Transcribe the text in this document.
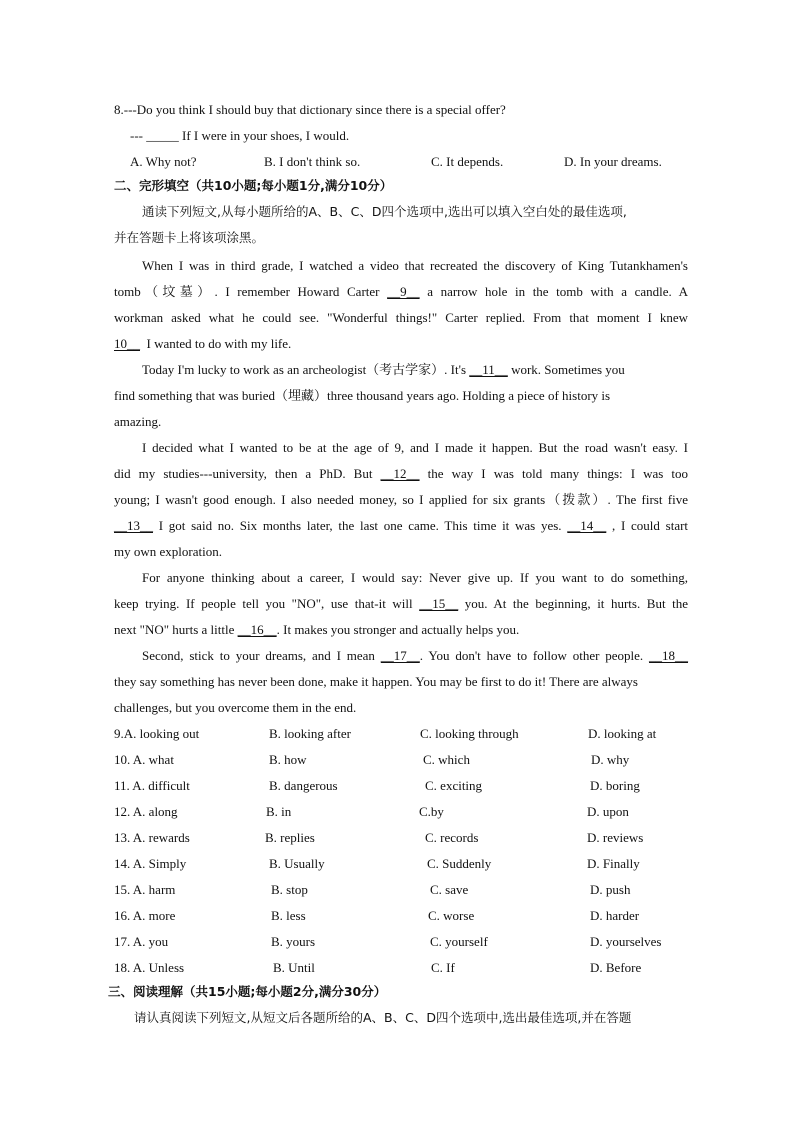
8.---Do you think I should buy that dictionary since there is a special offer?
--- _____ If I were in your shoes, I would.
A. Why not?	B. I don't think so.	C. It depends.	D. In your dreams.
二、完形填空（共10小题;每小题1分,满分10分）
通读下列短文,从每小题所给的A、B、C、D四个选项中,选出可以填入空白处的最佳选项,
并在答题卡上将该项涂黑。
When I was in third grade, I watched a video that recreated the discovery of King Tutankhamen's
tomb（坟墓）. I remember Howard Carter __9__ a narrow hole in the tomb with a candle. A
workman asked what he could see. "Wonderful things!" Carter replied. From that moment I knew
10__ I wanted to do with my life.
Today I'm lucky to work as an archeologist（考古学家）. It's __11__ work. Sometimes you
find something that was buried（埋藏）three thousand years ago. Holding a piece of history is
amazing.
I decided what I wanted to be at the age of 9, and I made it happen. But the road wasn't easy. I
did my studies---university, then a PhD. But __12__ the way I was told many things: I was too
young; I wasn't good enough. I also needed money, so I applied for six grants（拨款）. The first five
__13__ I got said no. Six months later, the last one came. This time it was yes. __14__ , I could start
my own exploration.
For anyone thinking about a career, I would say: Never give up. If you want to do something,
keep trying. If people tell you "NO", use that-it will __15__ you. At the beginning, it hurts. But the
next "NO" hurts a little __16__. It makes you stronger and actually helps you.
Second, stick to your dreams, and I mean __17__. You don't have to follow other people. __18__
they say something has never been done, make it happen. You may be first to do it! There are always
challenges, but you overcome them in the end.
9.A. looking out	B. looking after	C. looking through	D. looking at
10. A. what	B. how	C. which	D. why
11. A. difficult	B. dangerous	C. exciting	D. boring
12. A. along	B. in	C.by	D. upon
13. A. rewards	B. replies	C. records	D. reviews
14. A. Simply	B. Usually	C. Suddenly	D. Finally
15. A. harm	B. stop	C. save	D. push
16. A. more	B. less	C. worse	D. harder
17. A. you	B. yours	C. yourself	D. yourselves
18. A. Unless	B. Until	C. If	D. Before
三、阅读理解（共15小题;每小题2分,满分30分）
请认真阅读下列短文,从短文后各题所给的A、B、C、D四个选项中,选出最佳选项,并在答题
